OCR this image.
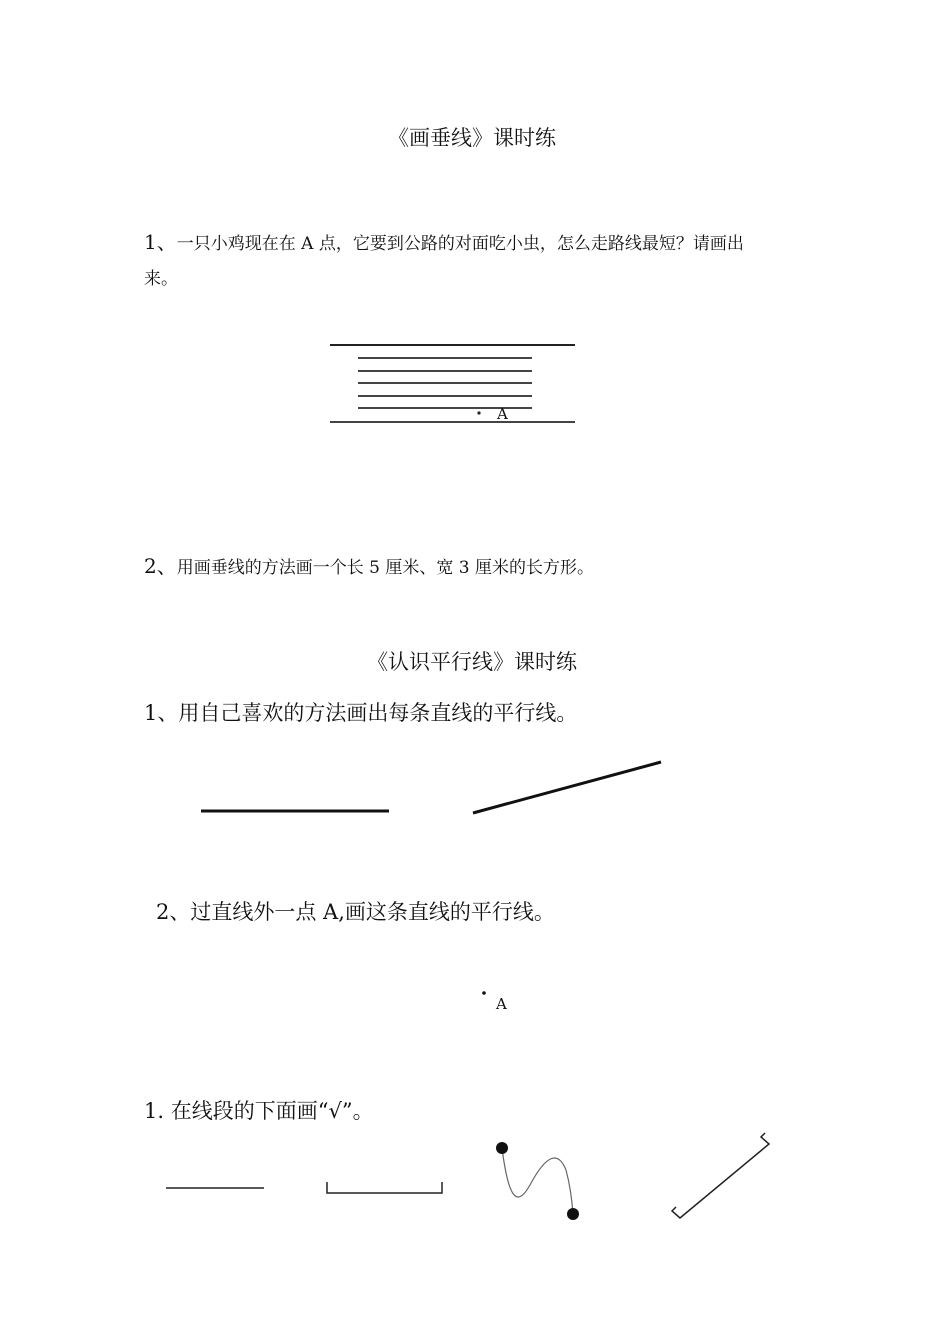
《画垂线》课时练
1、一只小鸡现在在 A 点，它要到公路的对面吃小虫，怎么走路线最短？请画出
来。
A
2、用画垂线的方法画一个长 5 厘米、宽 3 厘米的长方形。
《认识平行线》课时练
1、用自己喜欢的方法画出每条直线的平行线。
2、过直线外一点 A,画这条直线的平行线。
A
1. 在线段的下面画“√”。
